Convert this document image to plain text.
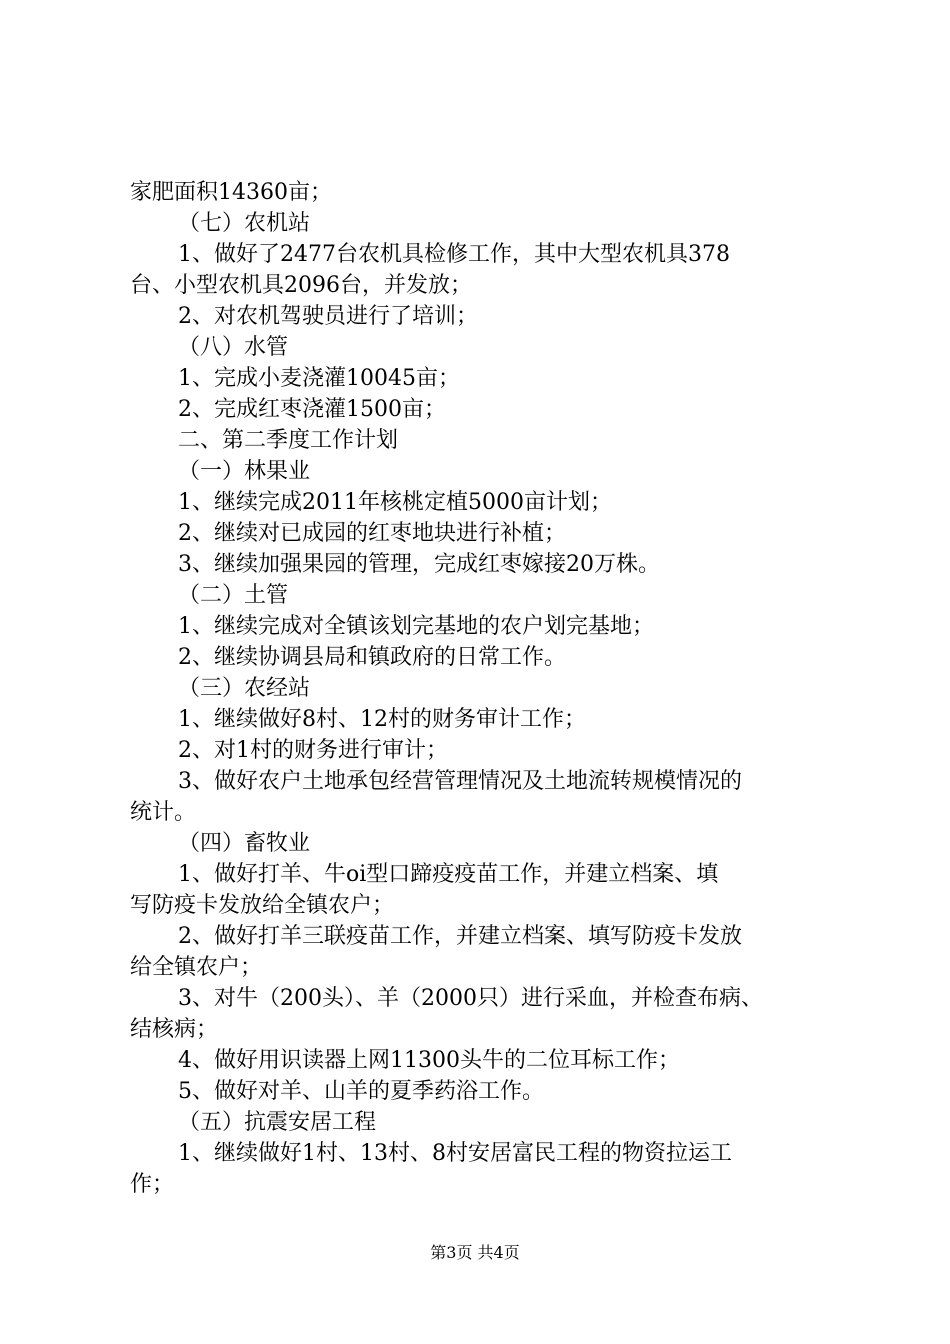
家肥面积14360亩；
（七）农机站
1、做好了2477台农机具检修工作，其中大型农机具378
台、小型农机具2096台，并发放；
2、对农机驾驶员进行了培训；
（八）水管
1、完成小麦浇灌10045亩；
2、完成红枣浇灌1500亩；
二、第二季度工作计划
（一）林果业
1、继续完成2011年核桃定植5000亩计划；
2、继续对已成园的红枣地块进行补植；
3、继续加强果园的管理，完成红枣嫁接20万株。
（二）土管
1、继续完成对全镇该划完基地的农户划完基地；
2、继续协调县局和镇政府的日常工作。
（三）农经站
1、继续做好8村、12村的财务审计工作；
2、对1村的财务进行审计；
3、做好农户土地承包经营管理情况及土地流转规模情况的
统计。
（四）畜牧业
1、做好打羊、牛oi型口蹄疫疫苗工作，并建立档案、填
写防疫卡发放给全镇农户；
2、做好打羊三联疫苗工作，并建立档案、填写防疫卡发放
给全镇农户；
3、对牛（200头）、羊（2000只）进行采血，并检查布病、
结核病；
4、做好用识读器上网11300头牛的二位耳标工作；
5、做好对羊、山羊的夏季药浴工作。
（五）抗震安居工程
1、继续做好1村、13村、8村安居富民工程的物资拉运工
作；
第3页 共4页
